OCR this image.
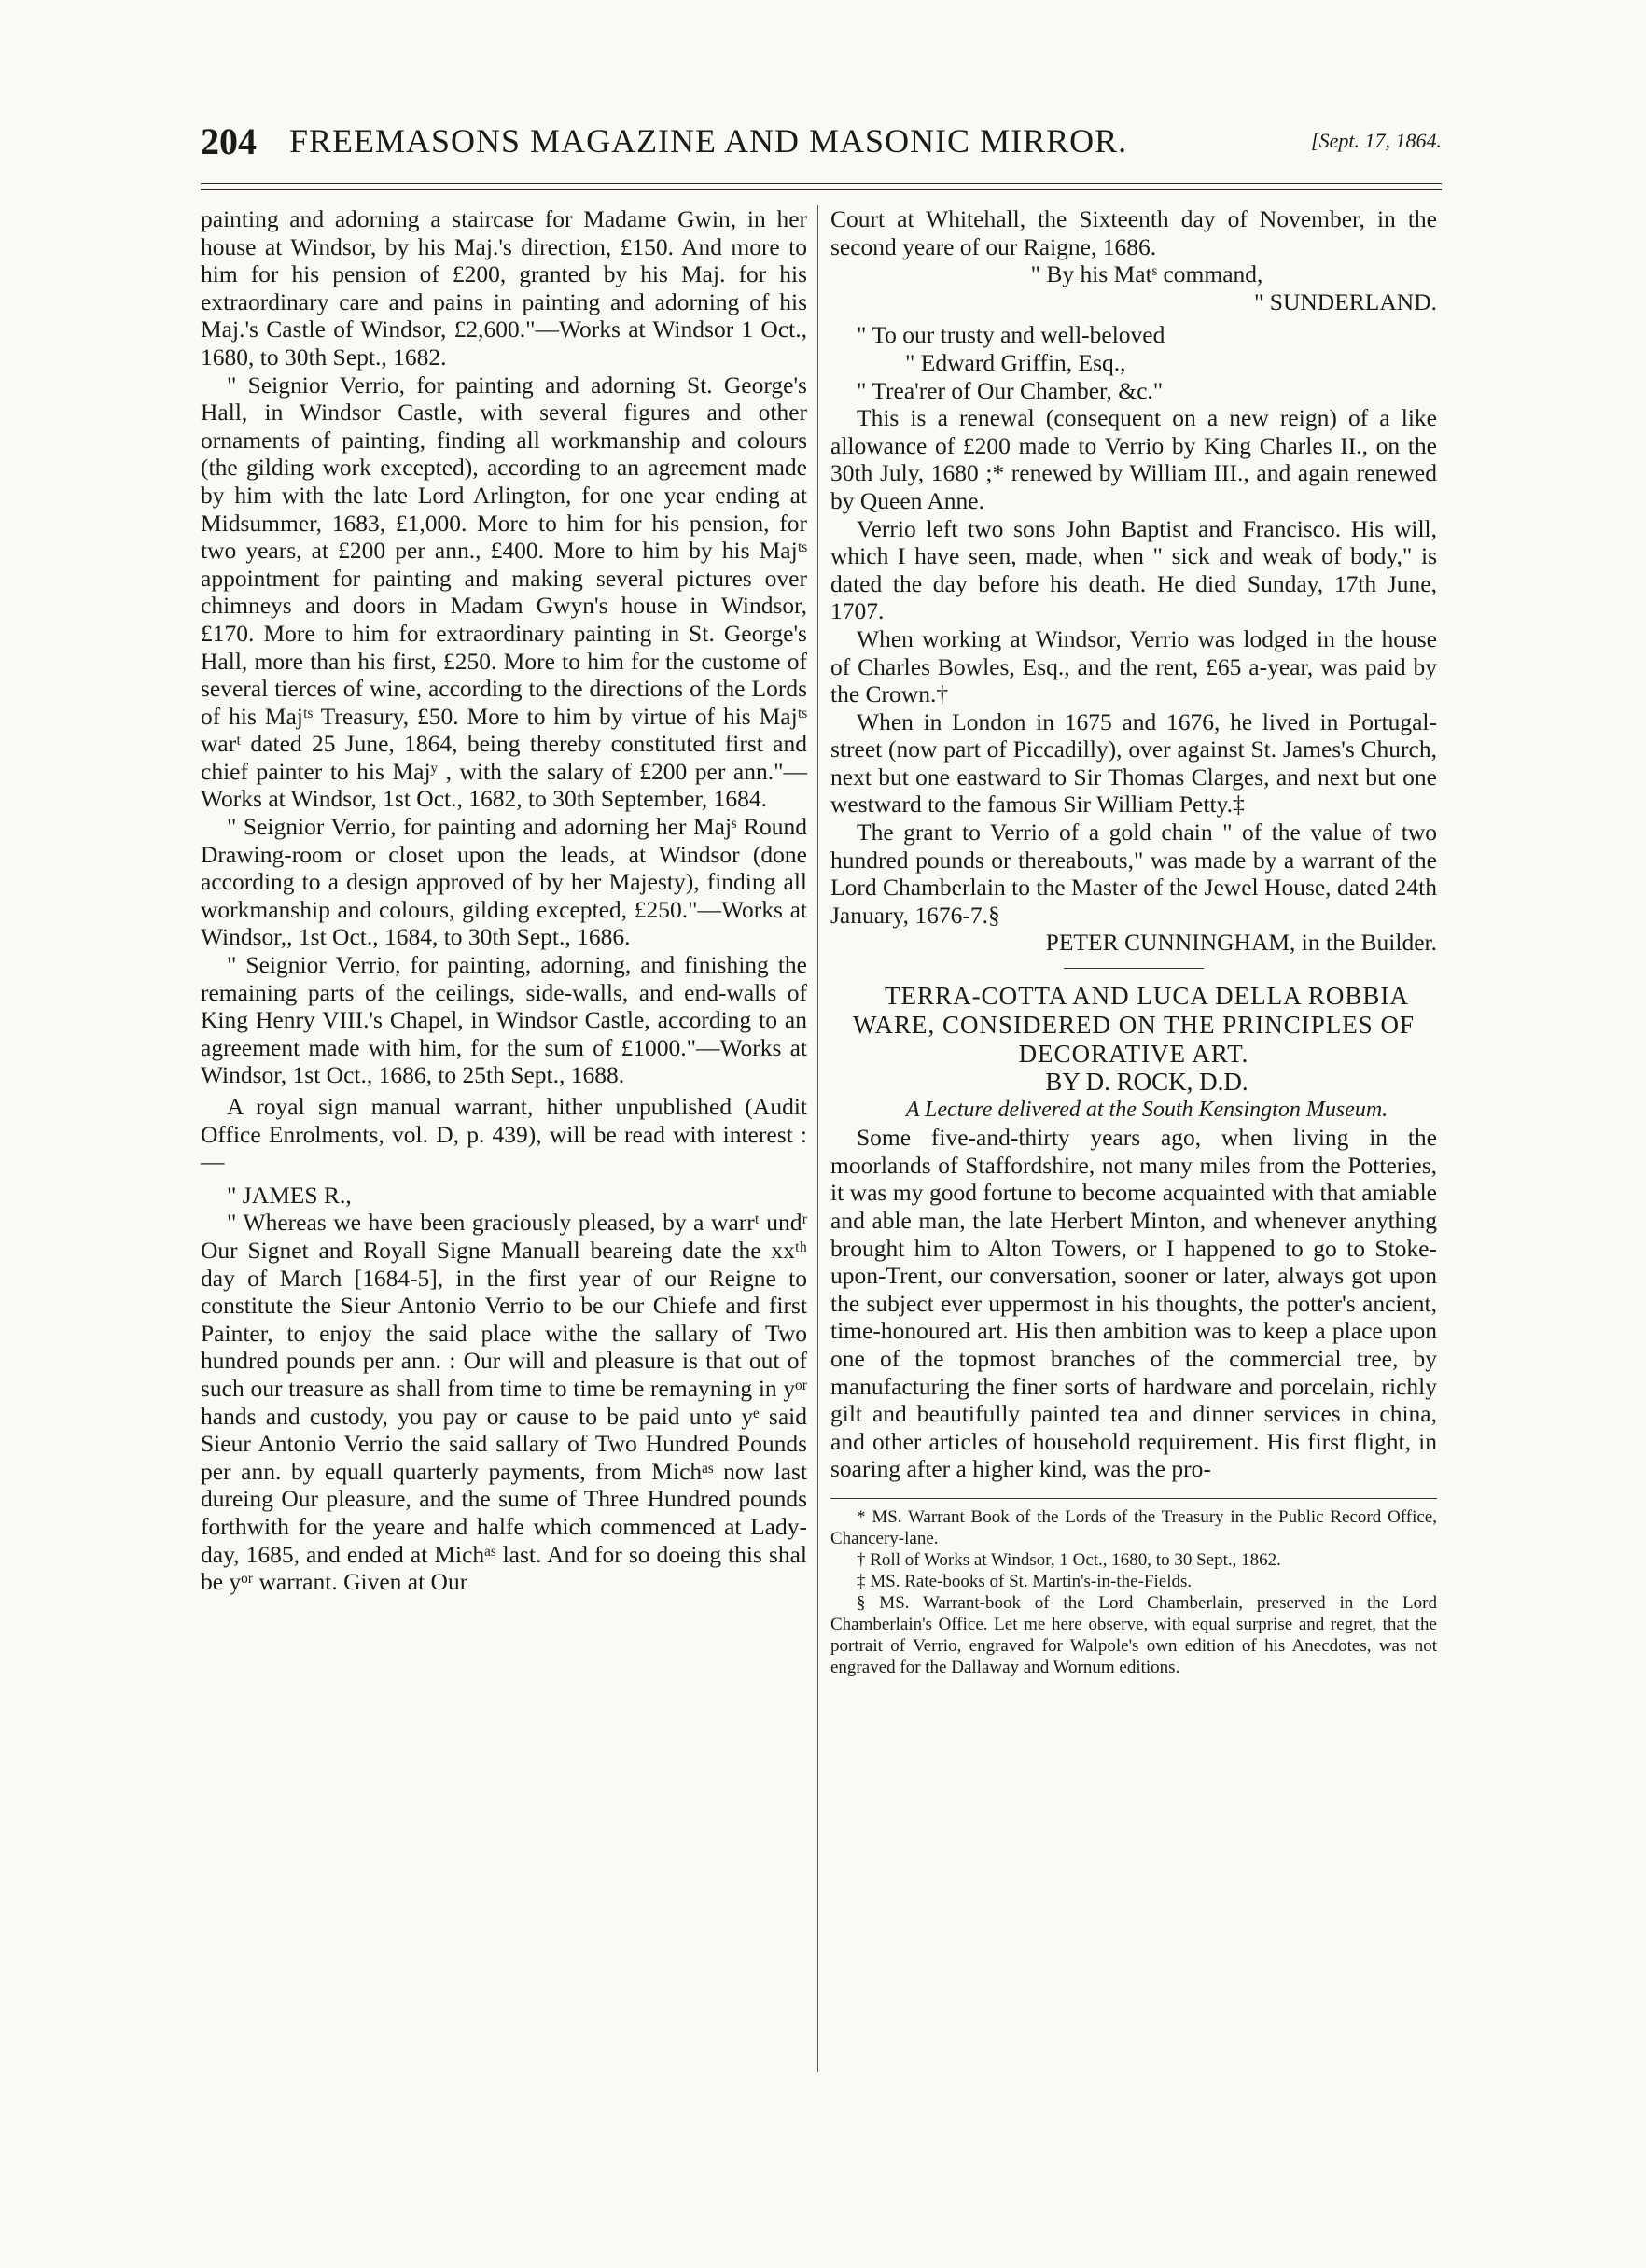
204 FREEMASONS MAGAZINE AND MASONIC MIRROR.	[Sept. 17, 1864.

painting and adorning a staircase for Madame Gwin, in her house at Windsor, by his Maj.'s direction, £150. And more to him for his pension of £200, granted by his Maj. for his extraordinary care and pains in painting and adorning of his Maj.'s Castle of Windsor, £2,600."—Works at Windsor 1 Oct., 1680, to 30th Sept., 1682.

" Seignior Verrio, for painting and adorning St. George's Hall, in Windsor Castle, with several figures and other ornaments of painting, finding all workmanship and colours (the gilding work excepted), according to an agreement made by him with the late Lord Arlington, for one year ending at Midsummer, 1683, £1,000. More to him for his pension, for two years, at £200 per ann., £400. More to him by his Majᵗˢ appointment for painting and making several pictures over chimneys and doors in Madam Gwyn's house in Windsor, £170. More to him for extraordinary painting in St. George's Hall, more than his first, £250. More to him for the custome of several tierces of wine, according to the directions of the Lords of his Majᵗˢ Treasury, £50. More to him by virtue of his Majᵗˢ warᵗ dated 25 June, 1864, being thereby constituted first and chief painter to his Majʸ , with the salary of £200 per ann."—Works at Windsor, 1st Oct., 1682, to 30th September, 1684.

" Seignior Verrio, for painting and adorning her Majˢ Round Drawing-room or closet upon the leads, at Windsor (done according to a design approved of by her Majesty), finding all workmanship and colours, gilding excepted, £250."—Works at Windsor,, 1st Oct., 1684, to 30th Sept., 1686.

" Seignior Verrio, for painting, adorning, and finishing the remaining parts of the ceilings, side-walls, and end-walls of King Henry VIII.'s Chapel, in Windsor Castle, according to an agreement made with him, for the sum of £1000."—Works at Windsor, 1st Oct., 1686, to 25th Sept., 1688.

A royal sign manual warrant, hither unpublished (Audit Office Enrolments, vol. D, p. 439), will be read with interest :—

" JAMES R.,

" Whereas we have been graciously pleased, by a warrᵗ undʳ Our Signet and Royall Signe Manuall beareing date the xxᵗʰ day of March [1684-5], in the first year of our Reigne to constitute the Sieur Antonio Verrio to be our Chiefe and first Painter, to enjoy the said place withe the sallary of Two hundred pounds per ann. : Our will and pleasure is that out of such our treasure as shall from time to time be remayning in yᵒʳ hands and custody, you pay or cause to be paid unto yᵉ said Sieur Antonio Verrio the said sallary of Two Hundred Pounds per ann. by equall quarterly payments, from Michᵃˢ now last dureing Our pleasure, and the sume of Three Hundred pounds forthwith for the yeare and halfe which commenced at Lady-day, 1685, and ended at Michᵃˢ last. And for so doeing this shal be yᵒʳ warrant. Given at Our

Court at Whitehall, the Sixteenth day of November, in the second yeare of our Raigne, 1686.

" By his Matˢ command,

" SUNDERLAND.

" To our trusty and well-beloved

" Edward Griffin, Esq.,

" Trea'rer of Our Chamber, &c."

This is a renewal (consequent on a new reign) of a like allowance of £200 made to Verrio by King Charles II., on the 30th July, 1680 ;* renewed by William III., and again renewed by Queen Anne.

Verrio left two sons John Baptist and Francisco. His will, which I have seen, made, when " sick and weak of body," is dated the day before his death. He died Sunday, 17th June, 1707.

When working at Windsor, Verrio was lodged in the house of Charles Bowles, Esq., and the rent, £65 a-year, was paid by the Crown.†

When in London in 1675 and 1676, he lived in Portugal-street (now part of Piccadilly), over against St. James's Church, next but one eastward to Sir Thomas Clarges, and next but one westward to the famous Sir William Petty.‡

The grant to Verrio of a gold chain " of the value of two hundred pounds or thereabouts," was made by a warrant of the Lord Chamberlain to the Master of the Jewel House, dated 24th January, 1676-7.§

PETER CUNNINGHAM, in the Builder.

TERRA-COTTA AND LUCA DELLA ROBBIA WARE, CONSIDERED ON THE PRINCIPLES OF DECORATIVE ART.

BY D. ROCK, D.D.

A Lecture delivered at the South Kensington Museum.

Some five-and-thirty years ago, when living in the moorlands of Staffordshire, not many miles from the Potteries, it was my good fortune to become acquainted with that amiable and able man, the late Herbert Minton, and whenever anything brought him to Alton Towers, or I happened to go to Stoke-upon-Trent, our conversation, sooner or later, always got upon the subject ever uppermost in his thoughts, the potter's ancient, time-honoured art. His then ambition was to keep a place upon one of the topmost branches of the commercial tree, by manufacturing the finer sorts of hardware and porcelain, richly gilt and beautifully painted tea and dinner services in china, and other articles of household requirement. His first flight, in soaring after a higher kind, was the pro-

* MS. Warrant Book of the Lords of the Treasury in the Public Record Office, Chancery-lane.

† Roll of Works at Windsor, 1 Oct., 1680, to 30 Sept., 1862.

‡ MS. Rate-books of St. Martin's-in-the-Fields.

§ MS. Warrant-book of the Lord Chamberlain, preserved in the Lord Chamberlain's Office. Let me here observe, with equal surprise and regret, that the portrait of Verrio, engraved for Walpole's own edition of his Anecdotes, was not engraved for the Dallaway and Wornum editions.
